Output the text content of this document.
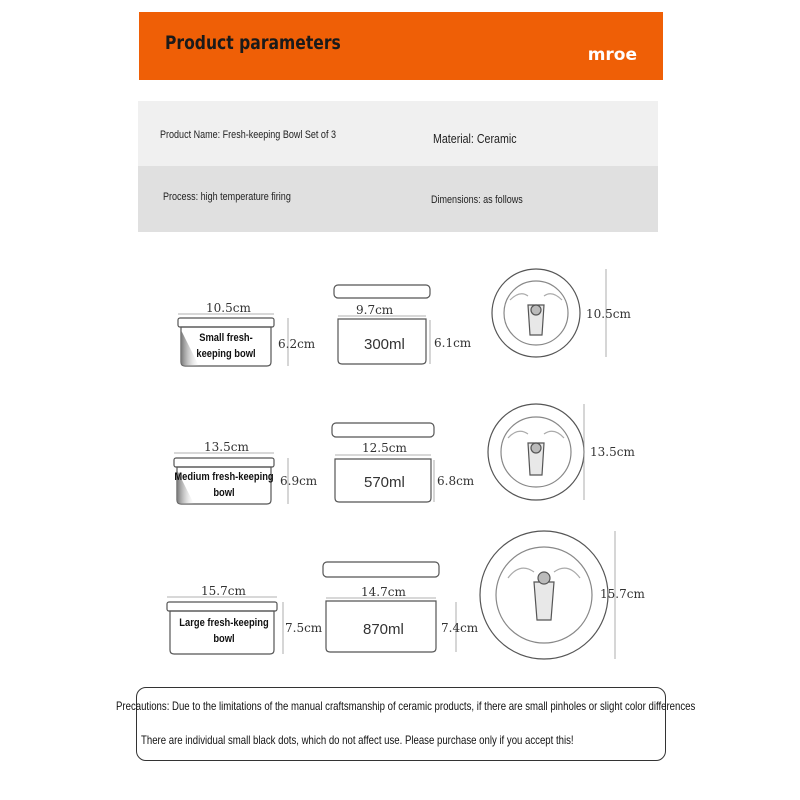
Product parameters
mroe
Product Name: Fresh-keeping Bowl Set of 3	Material: Ceramic
Process: high temperature firing	Dimensions: as follows
10.5cm
Small fresh-
keeping bowl
6.2cm
9.7cm
300ml 6.1cm
10.5cm
13.5cm
Medium fresh-keeping
bowl
6.9cm
12.5cm
570ml	6.8cm
13.5cm
15.7cm
Large fresh-keeping
bowl
7.5cm
14.7cm
870ml	7.4cm
15.7cm
Precautions: Due to the limitations of the manual craftsmanship of ceramic products, if there are small pinholes or slight color differences
There are individual small black dots, which do not affect use. Please purchase only if you accept this!
